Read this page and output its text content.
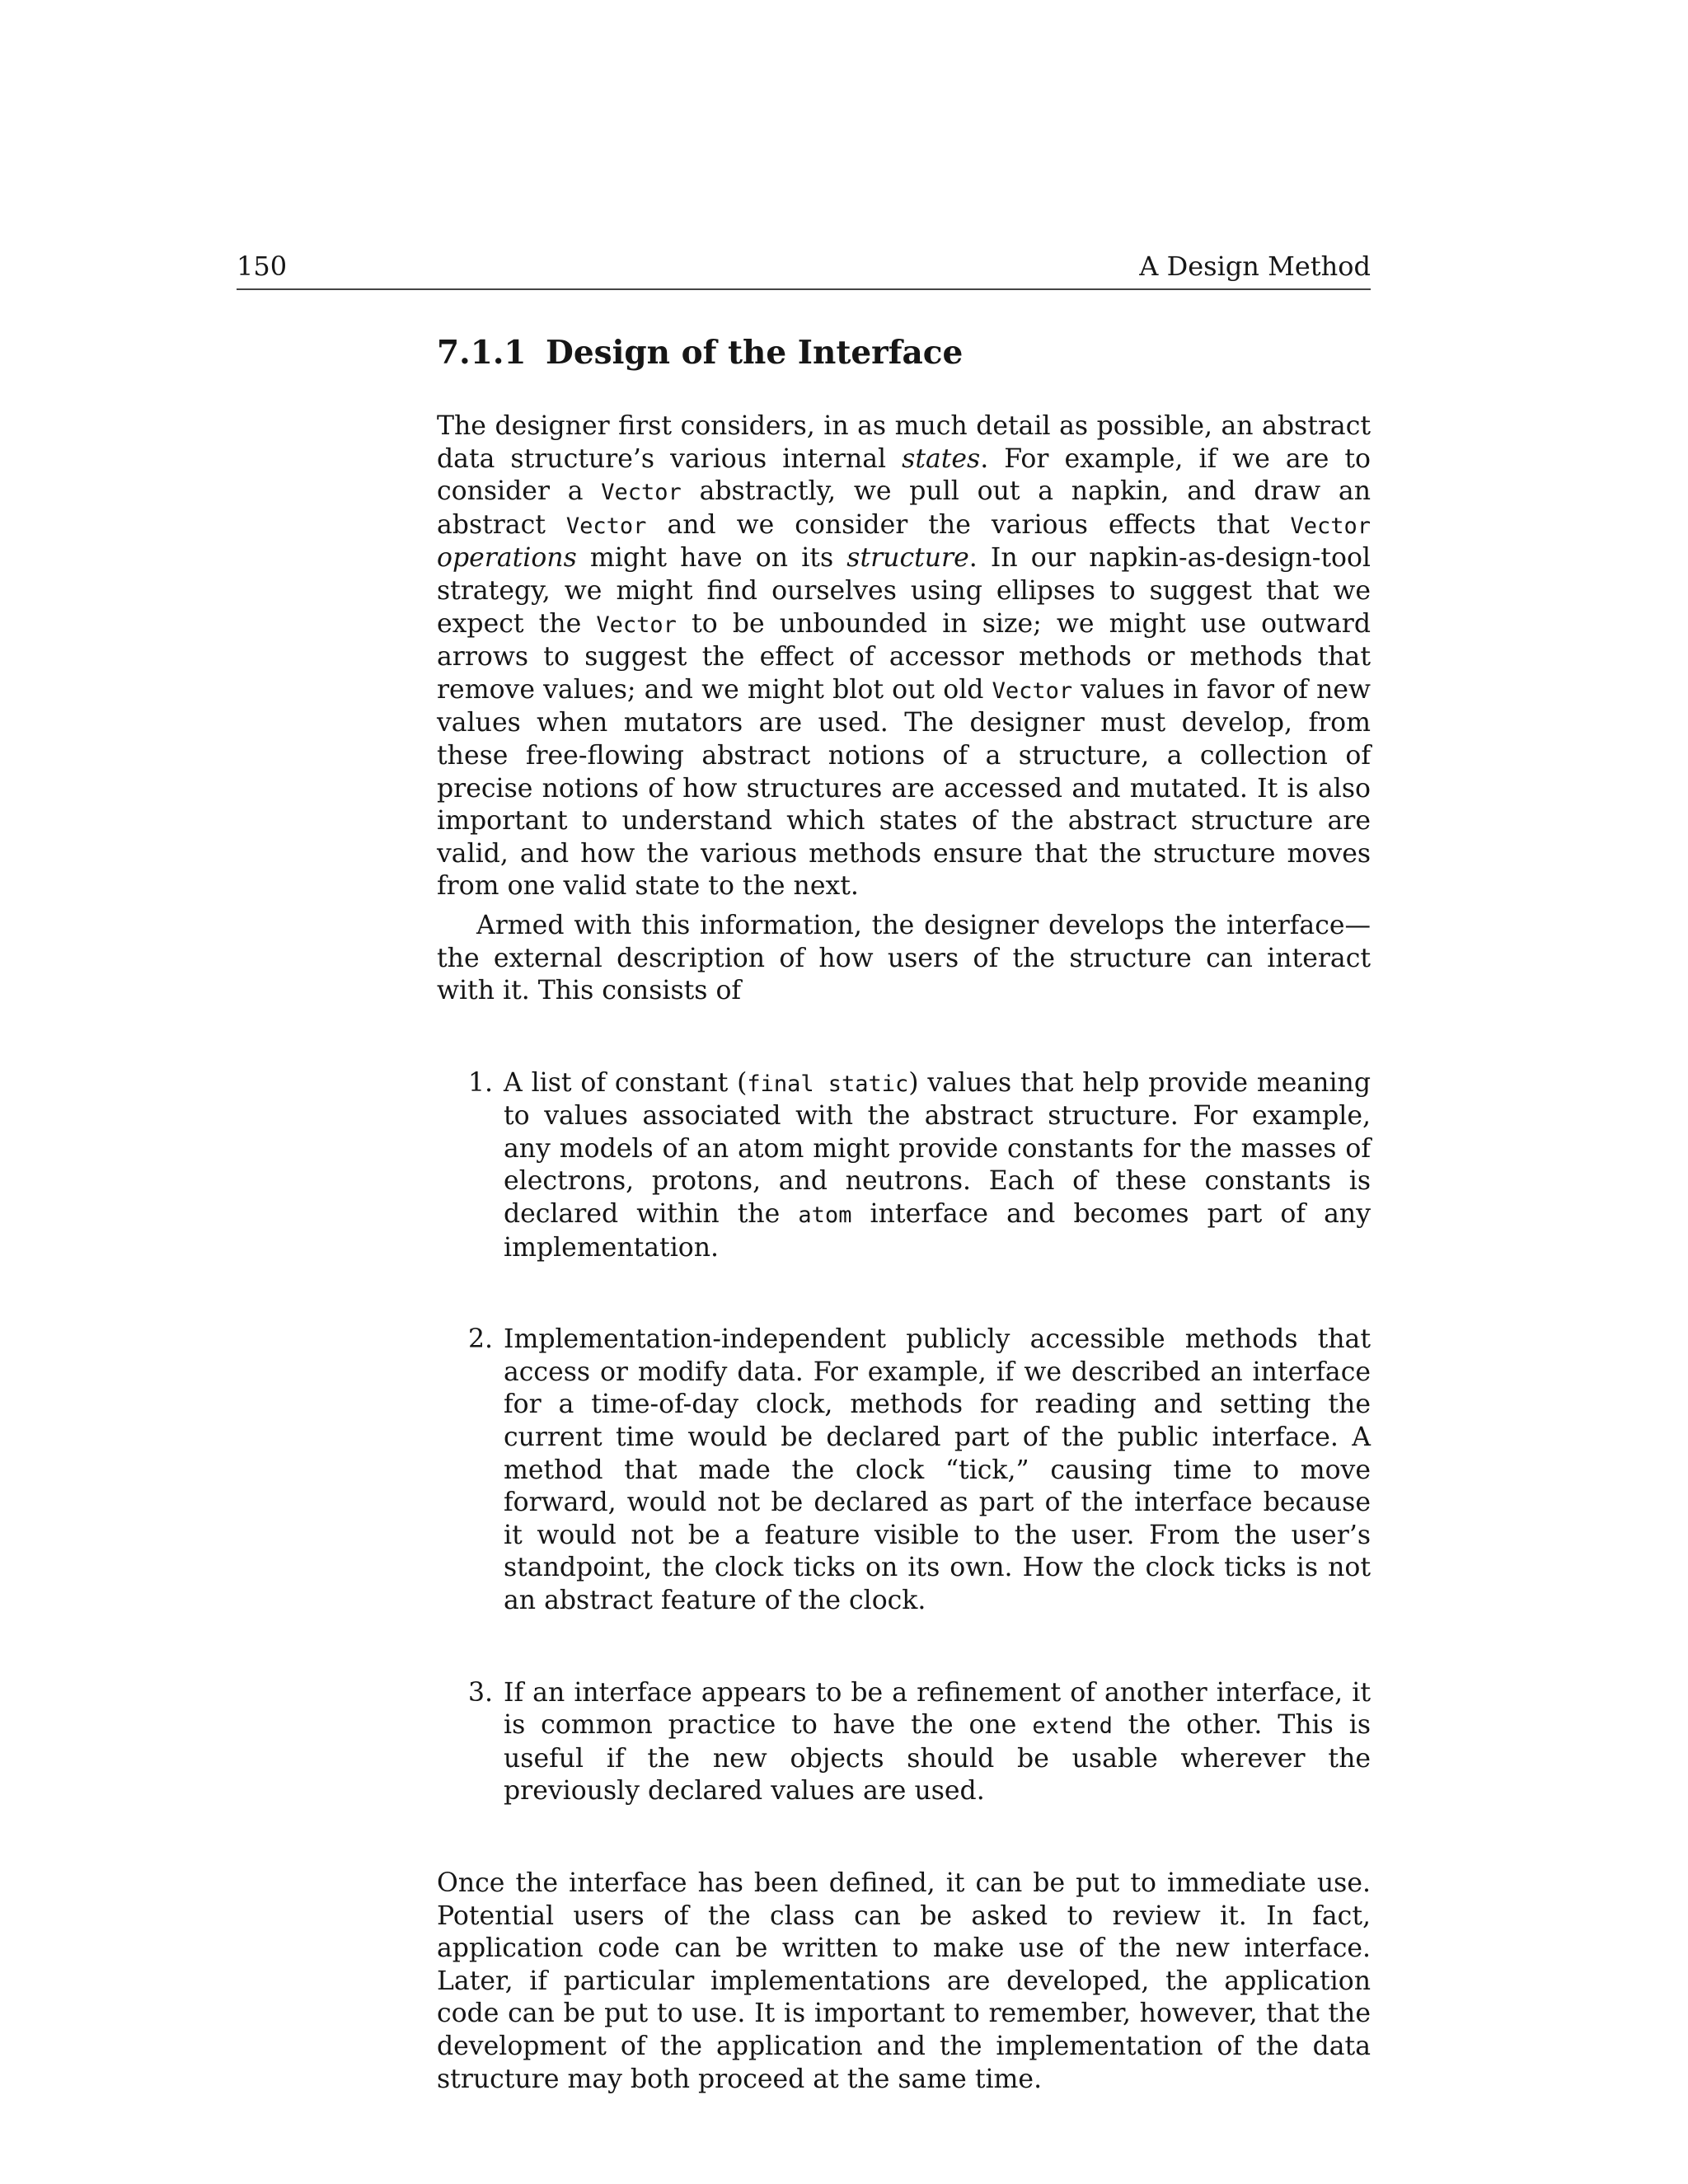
150	A Design Method
7.1.1 Design of the Interface

The designer first considers, in as much detail as possible, an abstract data structure’s various internal states. For example, if we are to consider a Vector abstractly, we pull out a napkin, and draw an abstract Vector and we consider the various effects that Vector operations might have on its structure. In our napkin-as-design-tool strategy, we might find ourselves using ellipses to suggest that we expect the Vector to be unbounded in size; we might use outward arrows to suggest the effect of accessor methods or methods that remove values; and we might blot out old Vector values in favor of new values when mutators are used. The designer must develop, from these free-flowing abstract notions of a structure, a collection of precise notions of how structures are accessed and mutated. It is also important to understand which states of the abstract structure are valid, and how the various methods ensure that the structure moves from one valid state to the next.

Armed with this information, the designer develops the interface—the external description of how users of the structure can interact with it. This consists of

1. A list of constant (final static) values that help provide meaning to values associated with the abstract structure. For example, any models of an atom might provide constants for the masses of electrons, protons, and neutrons. Each of these constants is declared within the atom interface and becomes part of any implementation.
2. Implementation-independent publicly accessible methods that access or modify data. For example, if we described an interface for a time-of-day clock, methods for reading and setting the current time would be declared part of the public interface. A method that made the clock “tick,” causing time to move forward, would not be declared as part of the interface because it would not be a feature visible to the user. From the user’s standpoint, the clock ticks on its own. How the clock ticks is not an abstract feature of the clock.
3. If an interface appears to be a refinement of another interface, it is common practice to have the one extend the other. This is useful if the new objects should be usable wherever the previously declared values are used.

Once the interface has been defined, it can be put to immediate use. Potential users of the class can be asked to review it. In fact, application code can be written to make use of the new interface. Later, if particular implementations are developed, the application code can be put to use. It is important to remember, however, that the development of the application and the implementation of the data structure may both proceed at the same time.
